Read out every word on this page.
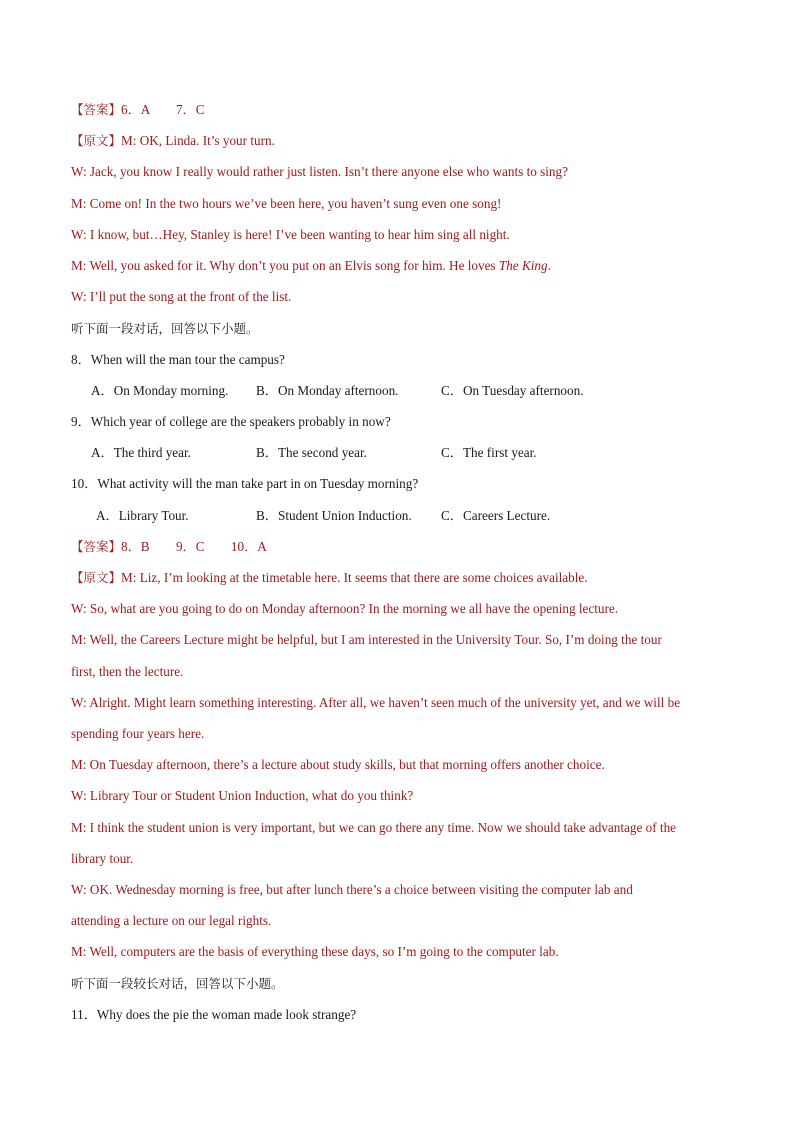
【答案】6．A　　7．C
【原文】M: OK, Linda. It’s your turn.
W: Jack, you know I really would rather just listen. Isn’t there anyone else who wants to sing?
M: Come on! In the two hours we’ve been here, you haven’t sung even one song!
W: I know, but…Hey, Stanley is here! I’ve been wanting to hear him sing all night.
M: Well, you asked for it. Why don’t you put on an Elvis song for him. He loves The King.
W: I’ll put the song at the front of the list.
听下面一段对话，回答以下小题。
8．When will the man tour the campus?
A．On Monday morning. B．On Monday afternoon.	C．On Tuesday afternoon.
9．Which year of college are the speakers probably in now?
A．The third year.	B．The second year.	C．The first year.
10．What activity will the man take part in on Tuesday morning?
A．Library Tour.	B．Student Union Induction. C．Careers Lecture.
【答案】8．B　　9．C　　10．A
【原文】M: Liz, I’m looking at the timetable here. It seems that there are some choices available.
W: So, what are you going to do on Monday afternoon? In the morning we all have the opening lecture.
M: Well, the Careers Lecture might be helpful, but I am interested in the University Tour. So, I’m doing the tour
first, then the lecture.
W: Alright. Might learn something interesting. After all, we haven’t seen much of the university yet, and we will be
spending four years here.
M: On Tuesday afternoon, there’s a lecture about study skills, but that morning offers another choice.
W: Library Tour or Student Union Induction, what do you think?
M: I think the student union is very important, but we can go there any time. Now we should take advantage of the
library tour.
W: OK. Wednesday morning is free, but after lunch there’s a choice between visiting the computer lab and
attending a lecture on our legal rights.
M: Well, computers are the basis of everything these days, so I’m going to the computer lab.
听下面一段较长对话，回答以下小题。
11．Why does the pie the woman made look strange?
